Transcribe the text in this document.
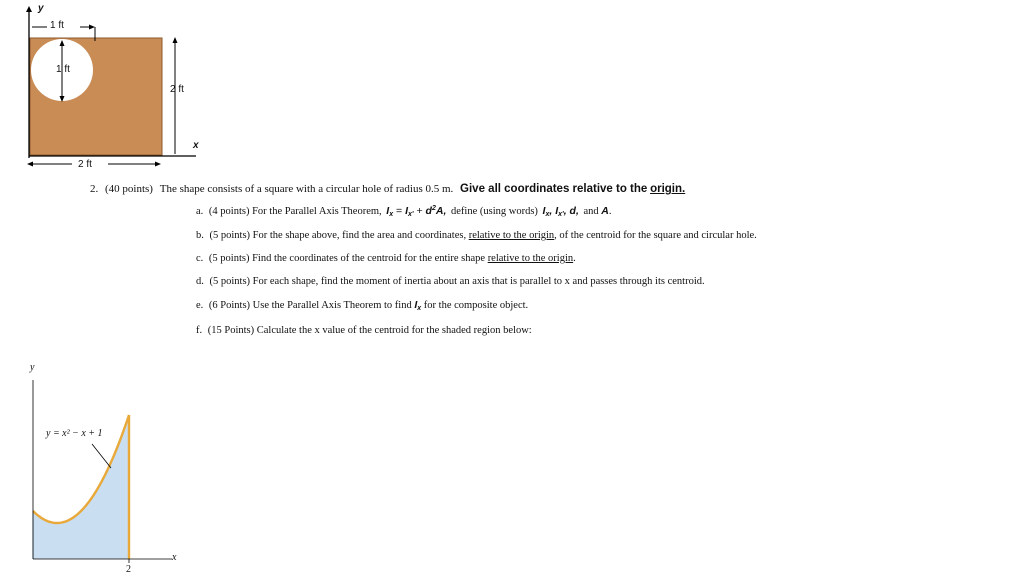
y
x
1 ft
1 ft
2 ft
2 ft
2. (40 points) The shape consists of a square with a circular hole of radius 0.5 m. Give all coordinates relative to the origin.
a. (4 points) For the Parallel Axis Theorem, $Ix = Ix' + d^2A$, define (using words) Ix, Ix', d, and A.
b. (5 points) For the shape above, find the area and coordinates, relative to the origin, of the centroid for the square and circular hole.
c. (5 points) Find the coordinates of the centroid for the entire shape relative to the origin.
d. (5 points) For each shape, find the moment of inertia about an axis that is parallel to x and passes through its centroid.
e. (6 Points) Use the Parallel Axis Theorem to find Ix for the composite object.
f. (15 Points) Calculate the x value of the centroid for the shaded region below:
y
x
y = x² − x + 1
2
